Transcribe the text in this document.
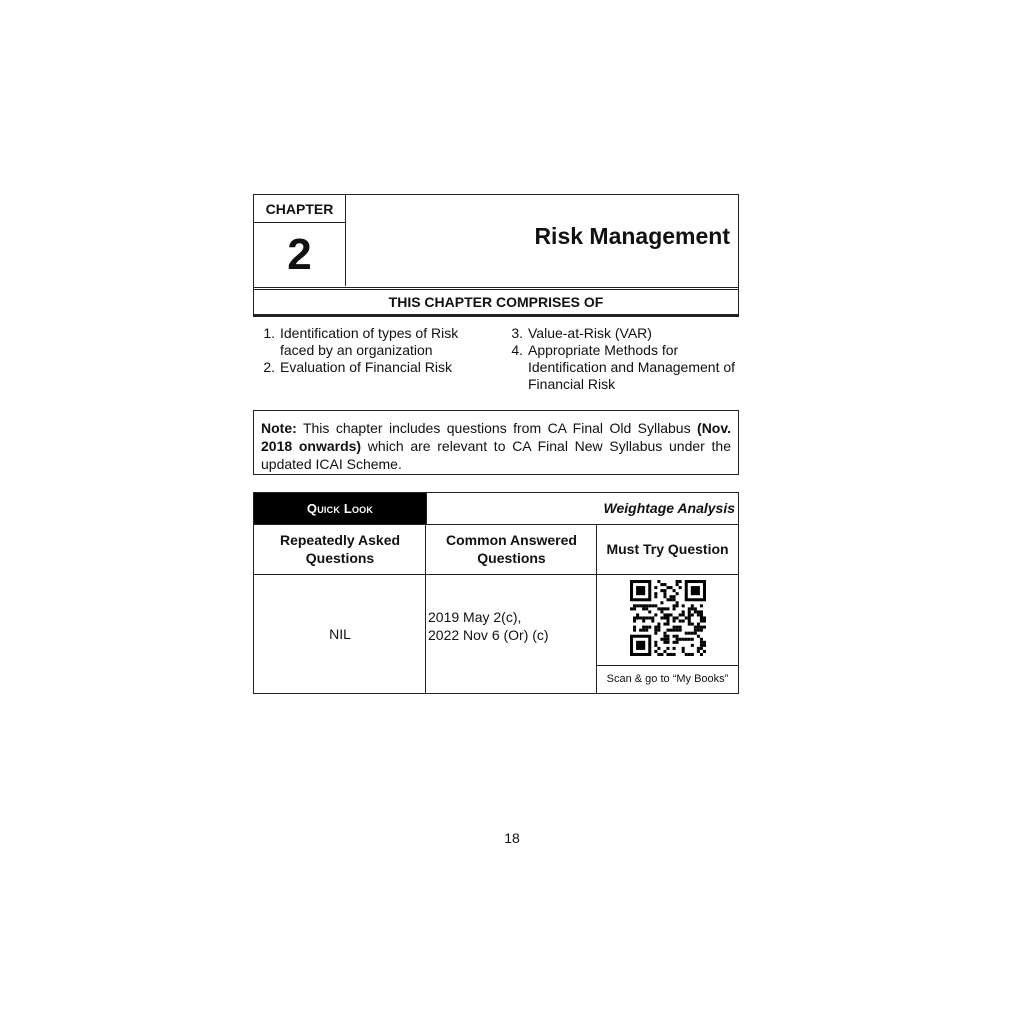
CHAPTER
2	Risk Management
THIS CHAPTER COMPRISES OF
1. Identification of types of Risk faced by an organization
2. Evaluation of Financial Risk
3. Value-at-Risk (VAR)
4. Appropriate Methods for Identification and Management of Financial Risk
Note: This chapter includes questions from CA Final Old Syllabus (Nov. 2018 onwards) which are relevant to CA Final New Syllabus under the updated ICAI Scheme.
Quick Look	Weightage Analysis
Repeatedly Asked Questions
Common Answered Questions
Must Try Question
NIL
2019 May 2(c),
2022 Nov 6 (Or) (c)
Scan & go to “My Books”
18
